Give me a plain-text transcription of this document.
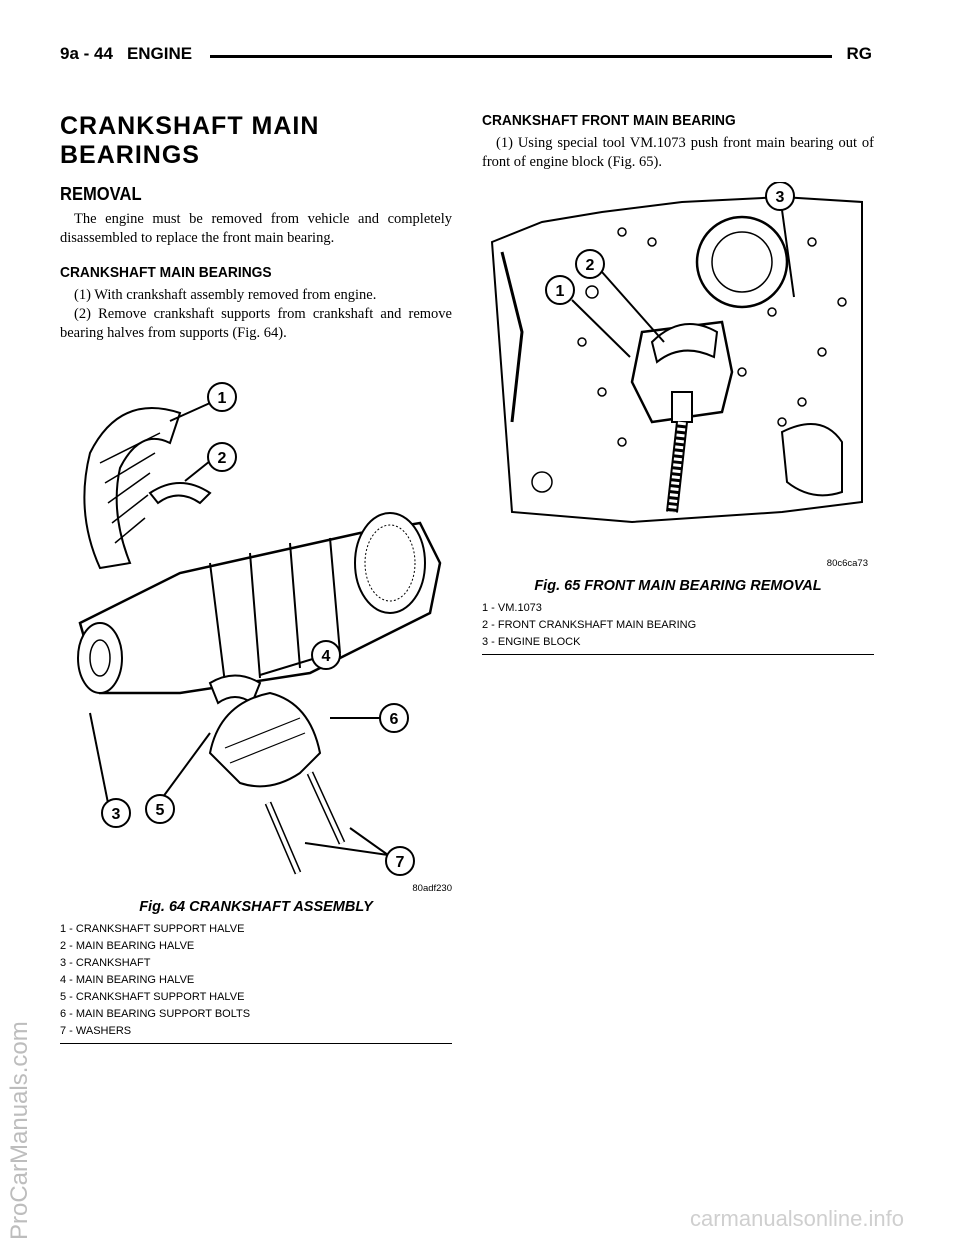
9a - 44 ENGINE	RG
CRANKSHAFT MAIN BEARINGS
REMOVAL

The engine must be removed from vehicle and completely disassembled to replace the front main bearing.

CRANKSHAFT MAIN BEARINGS

(1) With crankshaft assembly removed from engine.

(2) Remove crankshaft supports from crankshaft and remove bearing halves from supports (Fig. 64).

1
2
3
4
5
6
7
80adf230
Fig. 64 CRANKSHAFT ASSEMBLY
1 - CRANKSHAFT SUPPORT HALVE
2 - MAIN BEARING HALVE
3 - CRANKSHAFT
4 - MAIN BEARING HALVE
5 - CRANKSHAFT SUPPORT HALVE
6 - MAIN BEARING SUPPORT BOLTS
7 - WASHERS
CRANKSHAFT FRONT MAIN BEARING

(1) Using special tool VM.1073 push front main bearing out of front of engine block (Fig. 65).

1
2
3
80c6ca73
Fig. 65 FRONT MAIN BEARING REMOVAL
1 - VM.1073
2 - FRONT CRANKSHAFT MAIN BEARING
3 - ENGINE BLOCK
ProCarManuals.com	carmanualsonline.info
